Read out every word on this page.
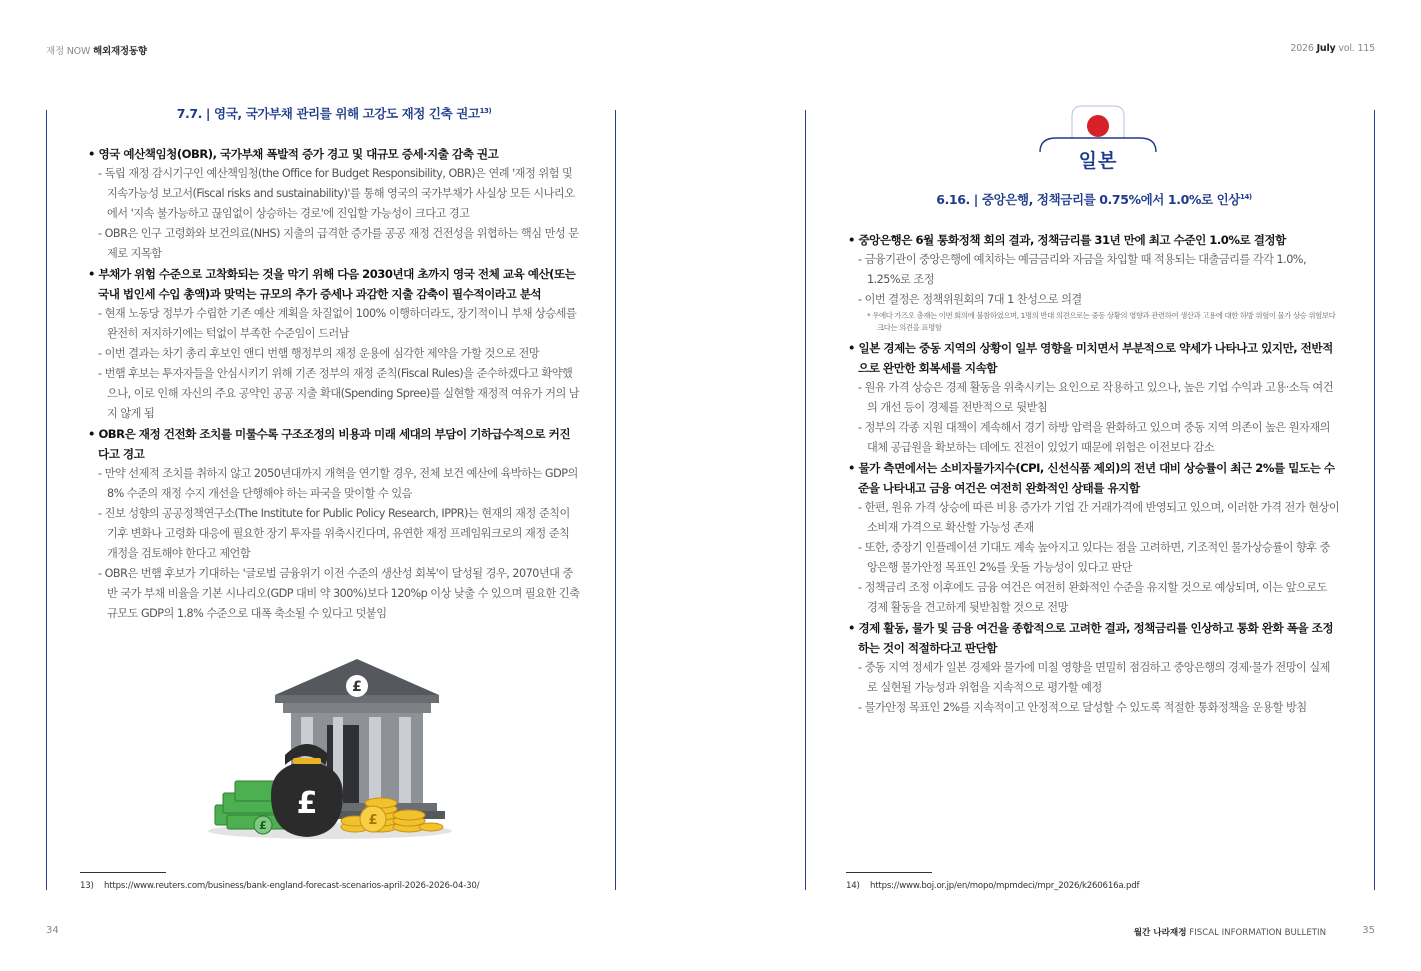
재정 NOW 해외재정동향	2026 July vol. 115
7.7. | 영국, 국가부채 관리를 위해 고강도 재정 긴축 권고$^{13)}$
• 영국 예산책임청(OBR), 국가부채 폭발적 증가 경고 및 대규모 증세·지출 감축 권고
- 독립 재정 감시기구인 예산책임청(the Office for Budget Responsibility, OBR)은 연례 '재정 위험 및 지속가능성 보고서(Fiscal risks and sustainability)'를 통해 영국의 국가부채가 사실상 모든 시나리오에서 '지속 불가능하고 끊임없이 상승하는 경로'에 진입할 가능성이 크다고 경고
- OBR은 인구 고령화와 보건의료(NHS) 지출의 급격한 증가를 공공 재정 건전성을 위협하는 핵심 만성 문제로 지목함
• 부채가 위험 수준으로 고착화되는 것을 막기 위해 다음 2030년대 초까지 영국 전체 교육 예산(또는 국내 법인세 수입 총액)과 맞먹는 규모의 추가 증세나 과감한 지출 감축이 필수적이라고 분석
- 현재 노동당 정부가 수립한 기존 예산 계획을 차질없이 100% 이행하더라도, 장기적이니 부채 상승세를 완전히 저지하기에는 턱없이 부족한 수준임이 드러남
- 이번 결과는 차기 총리 후보인 앤디 번햄 행정부의 재정 운용에 심각한 제약을 가할 것으로 전망
- 번햄 후보는 투자자들을 안심시키기 위해 기존 정부의 재정 준칙(Fiscal Rules)을 준수하겠다고 확약했으나, 이로 인해 자신의 주요 공약인 공공 지출 확대(Spending Spree)를 실현할 재정적 여유가 거의 남지 않게 됨
• OBR은 재정 건전화 조치를 미룰수록 구조조정의 비용과 미래 세대의 부담이 기하급수적으로 커진다고 경고
- 만약 선제적 조치를 취하지 않고 2050년대까지 개혁을 연기할 경우, 전체 보건 예산에 육박하는 GDP의 8% 수준의 재정 수지 개선을 단행해야 하는 파국을 맞이할 수 있음
- 진보 성향의 공공정책연구소(The Institute for Public Policy Research, IPPR)는 현재의 재정 준칙이 기후 변화나 고령화 대응에 필요한 장기 투자를 위축시킨다며, 유연한 재정 프레임워크로의 재정 준칙 개정을 검토해야 한다고 제언함
- OBR은 번햄 후보가 기대하는 '글로벌 금융위기 이전 수준의 생산성 회복'이 달성될 경우, 2070년대 중반 국가 부채 비율을 기본 시나리오(GDP 대비 약 300%)보다 120%p 이상 낮출 수 있으며 필요한 긴축 규모도 GDP의 1.8% 수준으로 대폭 축소될 수 있다고 덧붙임
£
£
£	£
13) https://www.reuters.com/business/bank-england-forecast-scenarios-april-2026-2026-04-30/
34
일본
6.16. | 중앙은행, 정책금리를 0.75%에서 1.0%로 인상$^{14)}$
• 중앙은행은 6월 통화정책 회의 결과, 정책금리를 31년 만에 최고 수준인 1.0%로 결정함
- 금융기관이 중앙은행에 예치하는 예금금리와 자금을 차입할 때 적용되는 대출금리를 각각 1.0%, 1.25%로 조정
- 이번 결정은 정책위원회의 7대 1 찬성으로 의결
* 우에다 가즈오 총재는 이번 회의에 불참하였으며, 1명의 반대 의견으로는 중동 상황의 영향과 관련하여 생산과 고용에 대한 하방 위험이 물가 상승 위험보다 크다는 의견을 표명함
• 일본 경제는 중동 지역의 상황이 일부 영향을 미치면서 부분적으로 약세가 나타나고 있지만, 전반적으로 완만한 회복세를 지속함
- 원유 가격 상승은 경제 활동을 위축시키는 요인으로 작용하고 있으나, 높은 기업 수익과 고용·소득 여건의 개선 등이 경제를 전반적으로 뒷받침
- 정부의 각종 지원 대책이 계속해서 경기 하방 압력을 완화하고 있으며 중동 지역 의존이 높은 원자재의 대체 공급원을 확보하는 데에도 진전이 있었기 때문에 위험은 이전보다 감소
• 물가 측면에서는 소비자물가지수(CPI, 신선식품 제외)의 전년 대비 상승률이 최근 2%를 밑도는 수준을 나타내고 금융 여건은 여전히 완화적인 상태를 유지함
- 한편, 원유 가격 상승에 따른 비용 증가가 기업 간 거래가격에 반영되고 있으며, 이러한 가격 전가 현상이 소비재 가격으로 확산할 가능성 존재
- 또한, 중장기 인플레이션 기대도 계속 높아지고 있다는 점을 고려하면, 기조적인 물가상승률이 향후 중앙은행 물가안정 목표인 2%를 웃돌 가능성이 있다고 판단
- 정책금리 조정 이후에도 금융 여건은 여전히 완화적인 수준을 유지할 것으로 예상되며, 이는 앞으로도 경제 활동을 견고하게 뒷받침할 것으로 전망
• 경제 활동, 물가 및 금융 여건을 종합적으로 고려한 결과, 정책금리를 인상하고 통화 완화 폭을 조정하는 것이 적절하다고 판단함
- 중동 지역 정세가 일본 경제와 물가에 미칠 영향을 면밀히 점검하고 중앙은행의 경제·물가 전망이 실제로 실현될 가능성과 위험을 지속적으로 평가할 예정
- 물가안정 목표인 2%를 지속적이고 안정적으로 달성할 수 있도록 적절한 통화정책을 운용할 방침
14) https://www.boj.or.jp/en/mopo/mpmdeci/mpr_2026/k260616a.pdf
월간 나라재정 FISCAL INFORMATION BULLETIN	35
